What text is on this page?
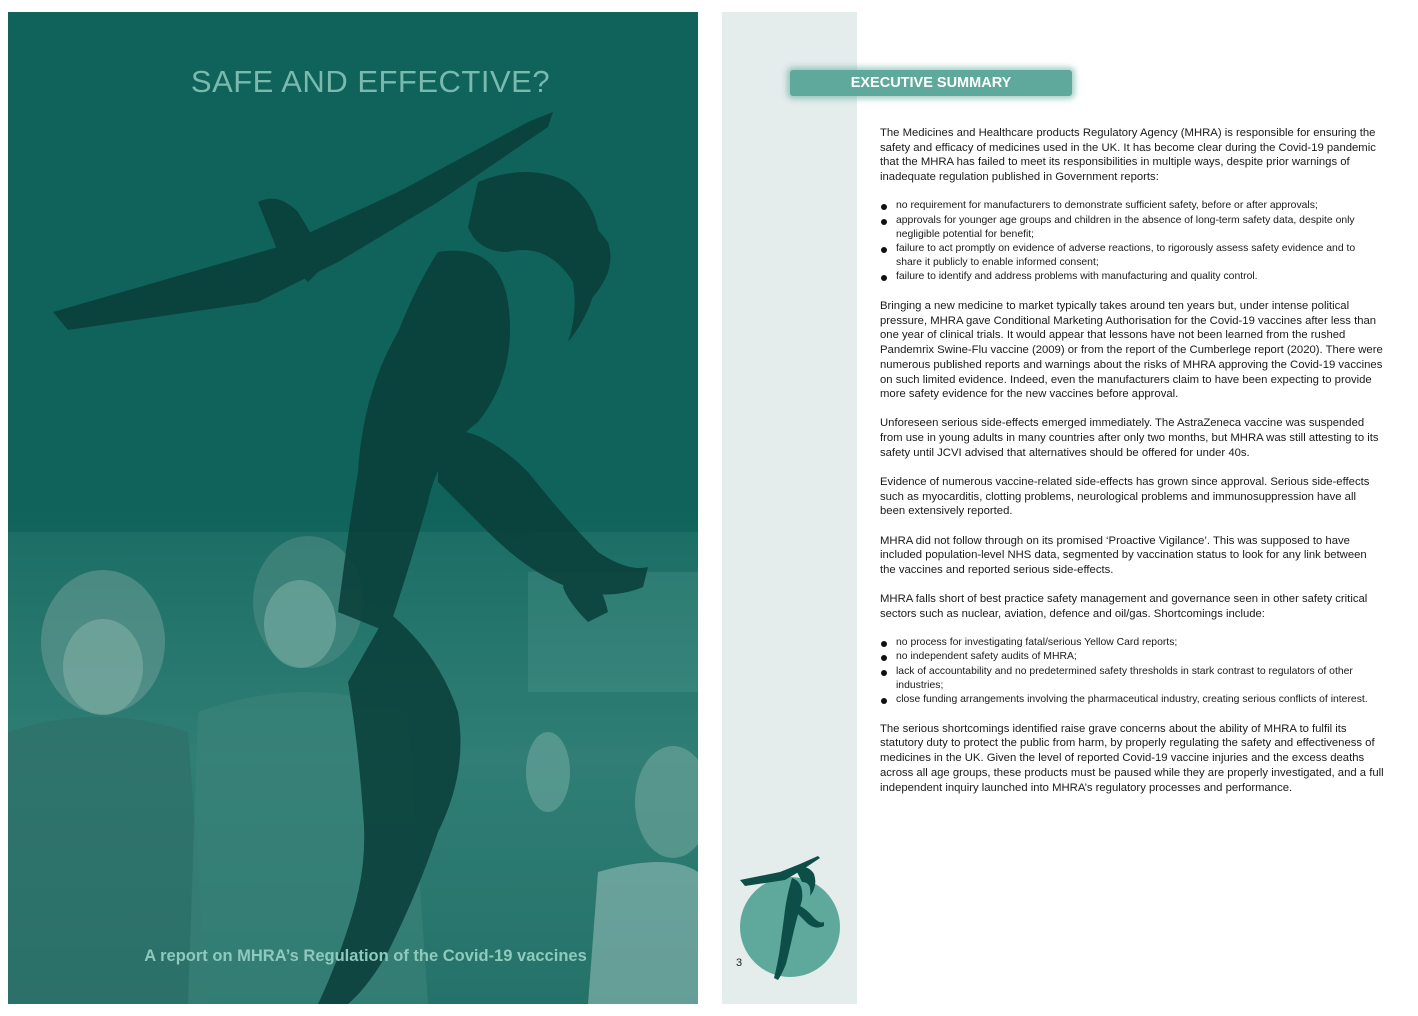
SAFE AND EFFECTIVE?
A report on MHRA’s Regulation of the Covid-19 vaccines
EXECUTIVE SUMMARY

The Medicines and Healthcare products Regulatory Agency (MHRA) is responsible for ensuring the safety and efficacy of medicines used in the UK. It has become clear during the Covid-19 pandemic that the MHRA has failed to meet its responsibilities in multiple ways, despite prior warnings of inadequate regulation published in Government reports:

no requirement for manufacturers to demonstrate sufficient safety, before or after approvals;
approvals for younger age groups and children in the absence of long-term safety data, despite only negligible potential for benefit;
failure to act promptly on evidence of adverse reactions, to rigorously assess safety evidence and to share it publicly to enable informed consent;
failure to identify and address problems with manufacturing and quality control.

Bringing a new medicine to market typically takes around ten years but, under intense political pressure, MHRA gave Conditional Marketing Authorisation for the Covid-19 vaccines after less than one year of clinical trials. It would appear that lessons have not been learned from the rushed Pandemrix Swine-Flu vaccine (2009) or from the report of the Cumberlege report (2020). There were numerous published reports and warnings about the risks of MHRA approving the Covid-19 vaccines on such limited evidence. Indeed, even the manufacturers claim to have been expecting to provide more safety evidence for the new vaccines before approval.

Unforeseen serious side-effects emerged immediately. The AstraZeneca vaccine was suspended from use in young adults in many countries after only two months, but MHRA was still attesting to its safety until JCVI advised that alternatives should be offered for under 40s.

Evidence of numerous vaccine-related side-effects has grown since approval. Serious side-effects such as myocarditis, clotting problems, neurological problems and immunosuppression have all been extensively reported.

MHRA did not follow through on its promised ‘Proactive Vigilance’. This was supposed to have included population-level NHS data, segmented by vaccination status to look for any link between the vaccines and reported serious side-effects.

MHRA falls short of best practice safety management and governance seen in other safety critical sectors such as nuclear, aviation, defence and oil/gas. Shortcomings include:

no process for investigating fatal/serious Yellow Card reports;
no independent safety audits of MHRA;
lack of accountability and no predetermined safety thresholds in stark contrast to regulators of other industries;
close funding arrangements involving the pharmaceutical industry, creating serious conflicts of interest.

The serious shortcomings identified raise grave concerns about the ability of MHRA to fulfil its statutory duty to protect the public from harm, by properly regulating the safety and effectiveness of medicines in the UK. Given the level of reported Covid-19 vaccine injuries and the excess deaths across all age groups, these products must be paused while they are properly investigated, and a full independent inquiry launched into MHRA’s regulatory processes and performance.

3
